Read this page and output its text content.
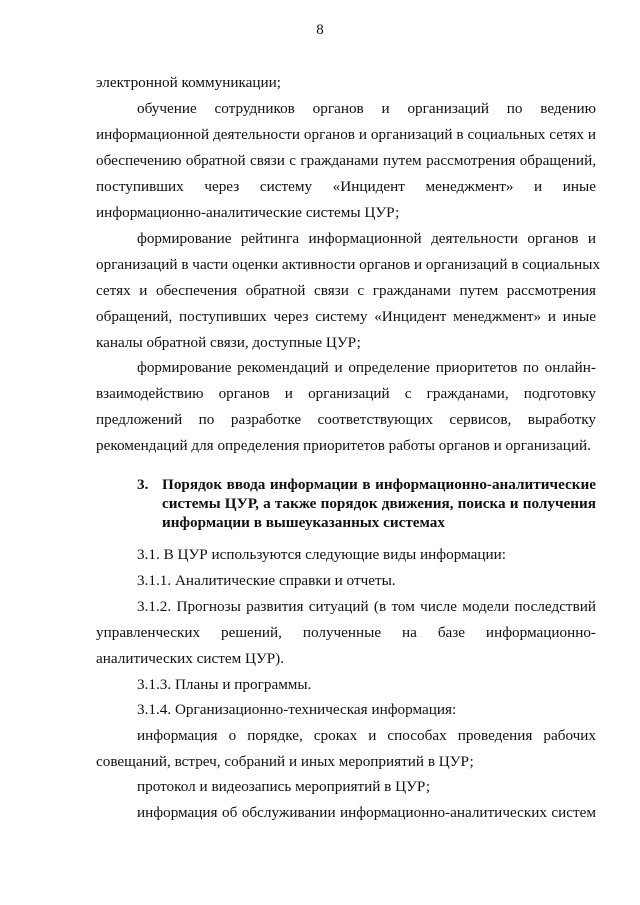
8
электронной коммуникации;
обучение сотрудников органов и организаций по ведению
информационной деятельности органов и организаций в социальных сетях и
обеспечению обратной связи с гражданами путем рассмотрения обращений,
поступивших через систему «Инцидент менеджмент» и иные
информационно-аналитические системы ЦУР;
формирование рейтинга информационной деятельности органов и
организаций в части оценки активности органов и организаций в социальных
сетях и обеспечения обратной связи с гражданами путем рассмотрения
обращений, поступивших через систему «Инцидент менеджмент» и иные
каналы обратной связи, доступные ЦУР;
формирование рекомендаций и определение приоритетов по онлайн-
взаимодействию органов и организаций с гражданами, подготовку
предложений по разработке соответствующих сервисов, выработку
рекомендаций для определения приоритетов работы органов и организаций.
3. Порядок ввода информации в информационно-аналитические
системы ЦУР, а также порядок движения, поиска и получения
информации в вышеуказанных системах
3.1. В ЦУР используются следующие виды информации:
3.1.1. Аналитические справки и отчеты.
3.1.2. Прогнозы развития ситуаций (в том числе модели последствий
управленческих решений, полученные на базе информационно-
аналитических систем ЦУР).
3.1.3. Планы и программы.
3.1.4. Организационно-техническая информация:
информация о порядке, сроках и способах проведения рабочих
совещаний, встреч, собраний и иных мероприятий в ЦУР;
протокол и видеозапись мероприятий в ЦУР;
информация об обслуживании информационно-аналитических систем
